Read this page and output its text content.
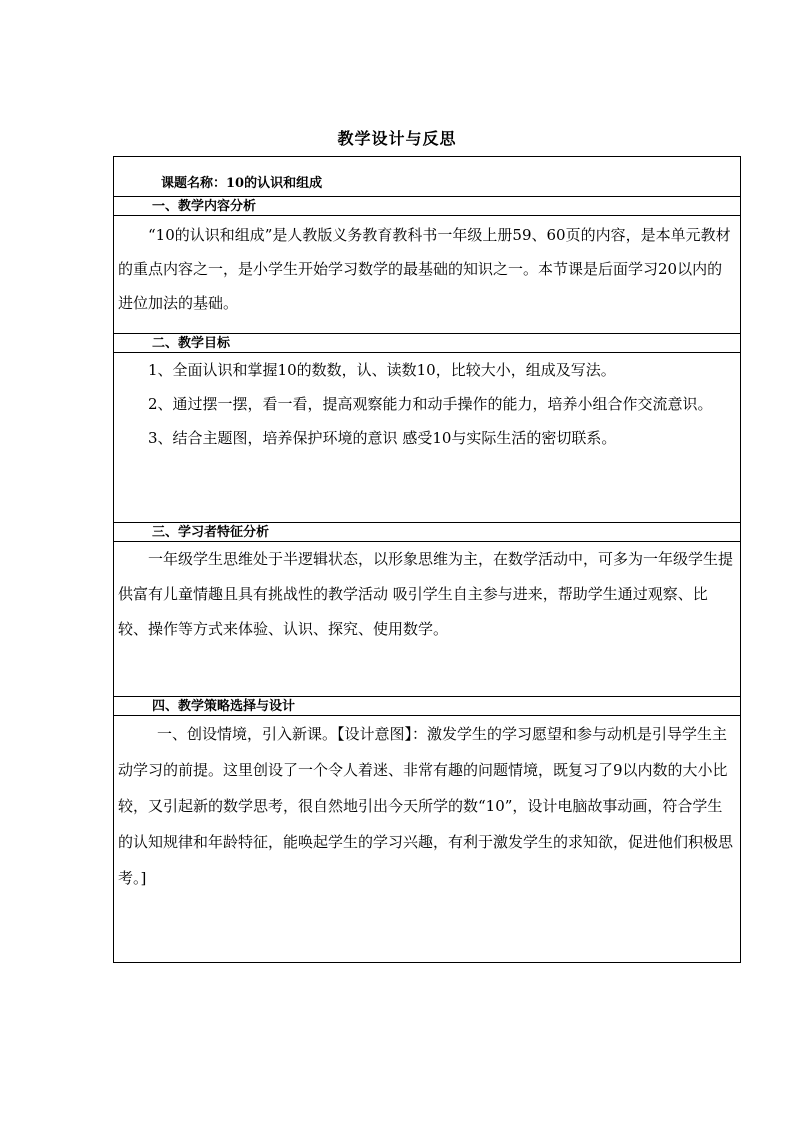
教学设计与反思
课题名称：10的认识和组成

一、教学内容分析

“10的认识和组成”是人教版义务教育教科书一年级上册59、60页的内容，是本单元教材的重点内容之一，是小学生开始学习数学的最基础的知识之一。本节课是后面学习20以内的进位加法的基础。

二、教学目标

1、全面认识和掌握10的数数，认、读数10，比较大小，组成及写法。

2、通过摆一摆，看一看，提高观察能力和动手操作的能力，培养小组合作交流意识。

3、结合主题图，培养保护环境的意识 感受10与实际生活的密切联系。

三、学习者特征分析

一年级学生思维处于半逻辑状态，以形象思维为主，在数学活动中，可多为一年级学生提供富有儿童情趣且具有挑战性的教学活动 吸引学生自主参与进来，帮助学生通过观察、比较、操作等方式来体验、认识、探究、使用数学。

四、教学策略选择与设计

一、创设情境，引入新课。【设计意图】：激发学生的学习愿望和参与动机是引导学生主动学习的前提。这里创设了一个令人着迷、非常有趣的问题情境，既复习了9以内数的大小比较，又引起新的数学思考，很自然地引出今天所学的数“10”，设计电脑故事动画，符合学生的认知规律和年龄特征，能唤起学生的学习兴趣，有利于激发学生的求知欲，促进他们积极思考。]
